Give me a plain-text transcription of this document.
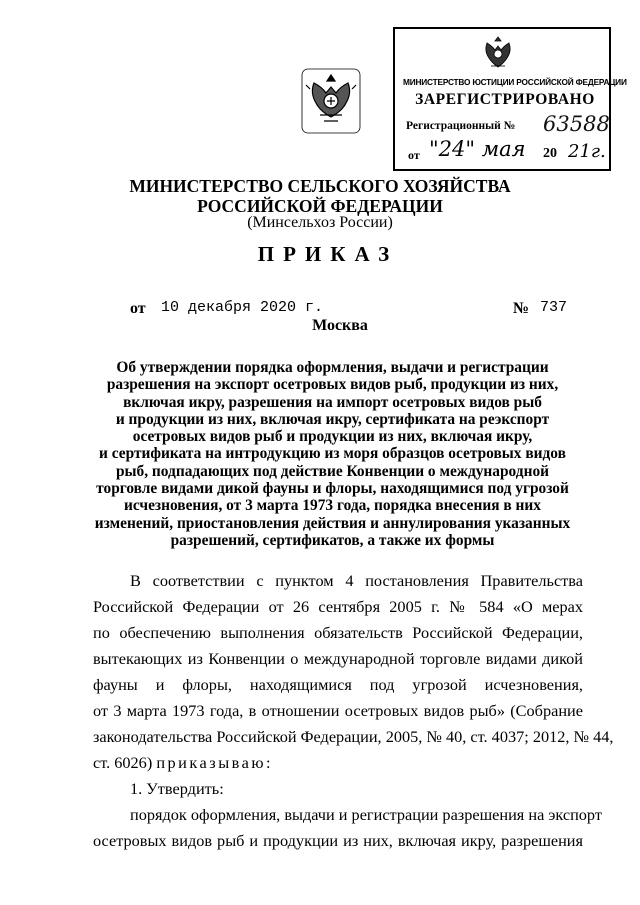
МИНИСТЕРСТВО ЮСТИЦИИ РОССИЙСКОЙ ФЕДЕРАЦИИ
ЗАРЕГИСТРИРОВАНО
Регистрационный № 63588
от "24" мая 20 21г.
МИНИСТЕРСТВО СЕЛЬСКОГО ХОЗЯЙСТВА
РОССИЙСКОЙ ФЕДЕРАЦИИ
(Минсельхоз России)
ПРИКАЗ
от 10 декабря 2020 г.	№ 737
Москва
Об утверждении порядка оформления, выдачи и регистрации
разрешения на экспорт осетровых видов рыб, продукции из них,
включая икру, разрешения на импорт осетровых видов рыб
и продукции из них, включая икру, сертификата на реэкспорт
осетровых видов рыб и продукции из них, включая икру,
и сертификата на интродукцию из моря образцов осетровых видов
рыб, подпадающих под действие Конвенции о международной
торговле видами дикой фауны и флоры, находящимися под угрозой
исчезновения, от 3 марта 1973 года, порядка внесения в них
изменений, приостановления действия и аннулирования указанных
разрешений, сертификатов, а также их формы
В соответствии с пунктом 4 постановления Правительства
Российской Федерации от 26 сентября 2005 г. № 584 «О мерах
по обеспечению выполнения обязательств Российской Федерации,
вытекающих из Конвенции о международной торговле видами дикой
фауны и флоры, находящимися под угрозой исчезновения,
от 3 марта 1973 года, в отношении осетровых видов рыб» (Собрание
законодательства Российской Федерации, 2005, № 40, ст. 4037; 2012, № 44,
ст. 6026) приказываю:
1. Утвердить:
порядок оформления, выдачи и регистрации разрешения на экспорт
осетровых видов рыб и продукции из них, включая икру, разрешения
